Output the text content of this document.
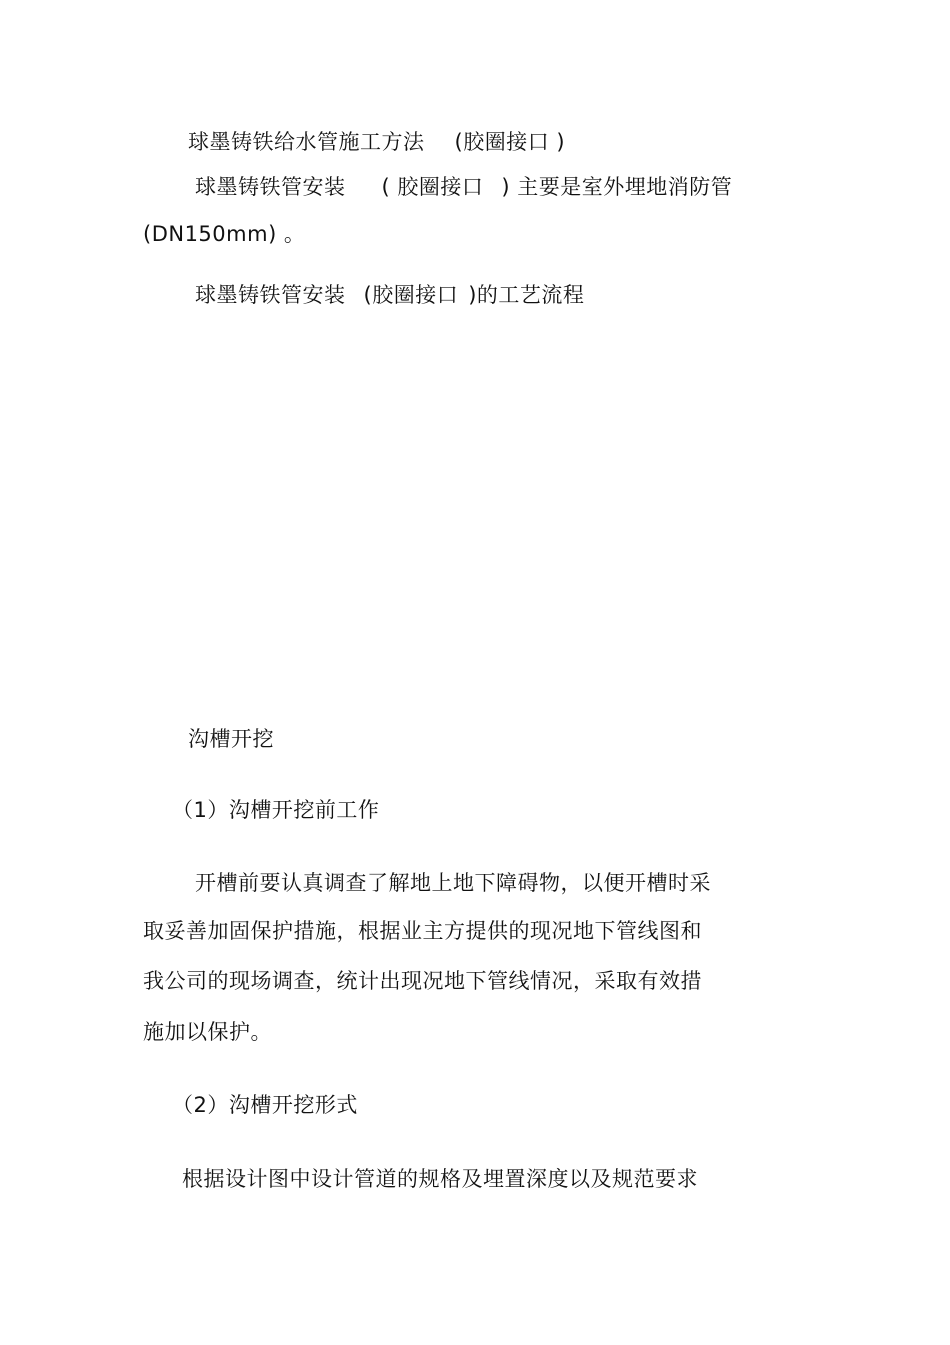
球墨铸铁给水管施工方法 (胶圈接口 )
球墨铸铁管安装 ( 胶圈接口 ) 主要是室外埋地消防管
(DN150mm) 。
球墨铸铁管安装 (胶圈接口 )的工艺流程
沟槽开挖
（1）沟槽开挖前工作
开槽前要认真调查了解地上地下障碍物，以便开槽时采
取妥善加固保护措施，根据业主方提供的现况地下管线图和
我公司的现场调查，统计出现况地下管线情况，采取有效措
施加以保护。
（2）沟槽开挖形式
根据设计图中设计管道的规格及埋置深度以及规范要求
